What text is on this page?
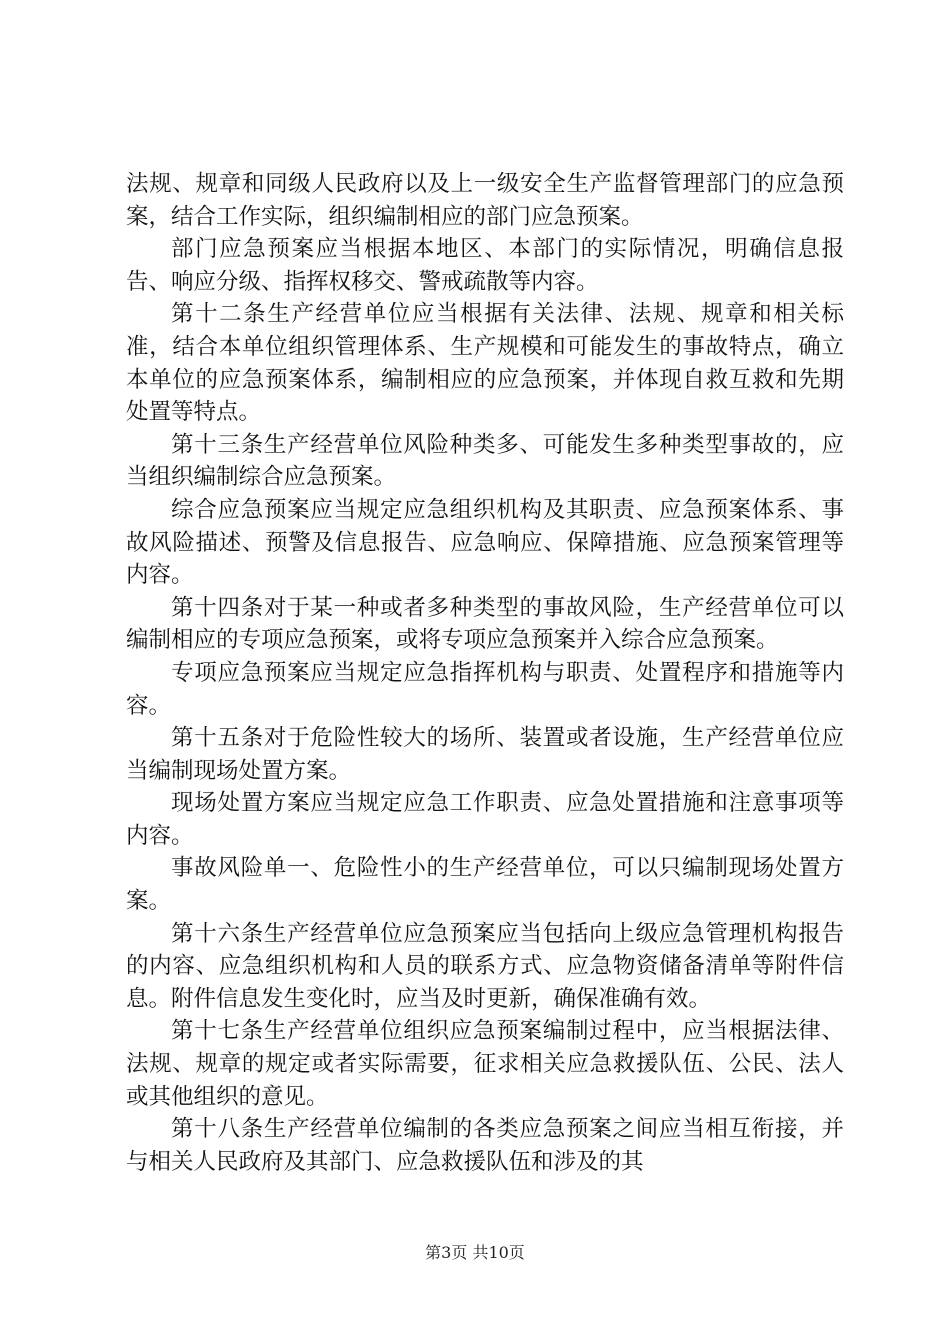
法规、规章和同级人民政府以及上一级安全生产监督管理部门的应急预案，结合工作实际，组织编制相应的部门应急预案。

部门应急预案应当根据本地区、本部门的实际情况，明确信息报告、响应分级、指挥权移交、警戒疏散等内容。

第十二条生产经营单位应当根据有关法律、法规、规章和相关标准，结合本单位组织管理体系、生产规模和可能发生的事故特点，确立本单位的应急预案体系，编制相应的应急预案，并体现自救互救和先期处置等特点。

第十三条生产经营单位风险种类多、可能发生多种类型事故的，应当组织编制综合应急预案。

综合应急预案应当规定应急组织机构及其职责、应急预案体系、事故风险描述、预警及信息报告、应急响应、保障措施、应急预案管理等内容。

第十四条对于某一种或者多种类型的事故风险，生产经营单位可以编制相应的专项应急预案，或将专项应急预案并入综合应急预案。

专项应急预案应当规定应急指挥机构与职责、处置程序和措施等内容。

第十五条对于危险性较大的场所、装置或者设施，生产经营单位应当编制现场处置方案。

现场处置方案应当规定应急工作职责、应急处置措施和注意事项等内容。

事故风险单一、危险性小的生产经营单位，可以只编制现场处置方案。

第十六条生产经营单位应急预案应当包括向上级应急管理机构报告的内容、应急组织机构和人员的联系方式、应急物资储备清单等附件信息。附件信息发生变化时，应当及时更新，确保准确有效。

第十七条生产经营单位组织应急预案编制过程中，应当根据法律、法规、规章的规定或者实际需要，征求相关应急救援队伍、公民、法人或其他组织的意见。

第十八条生产经营单位编制的各类应急预案之间应当相互衔接，并与相关人民政府及其部门、应急救援队伍和涉及的其

第3页 共10页
